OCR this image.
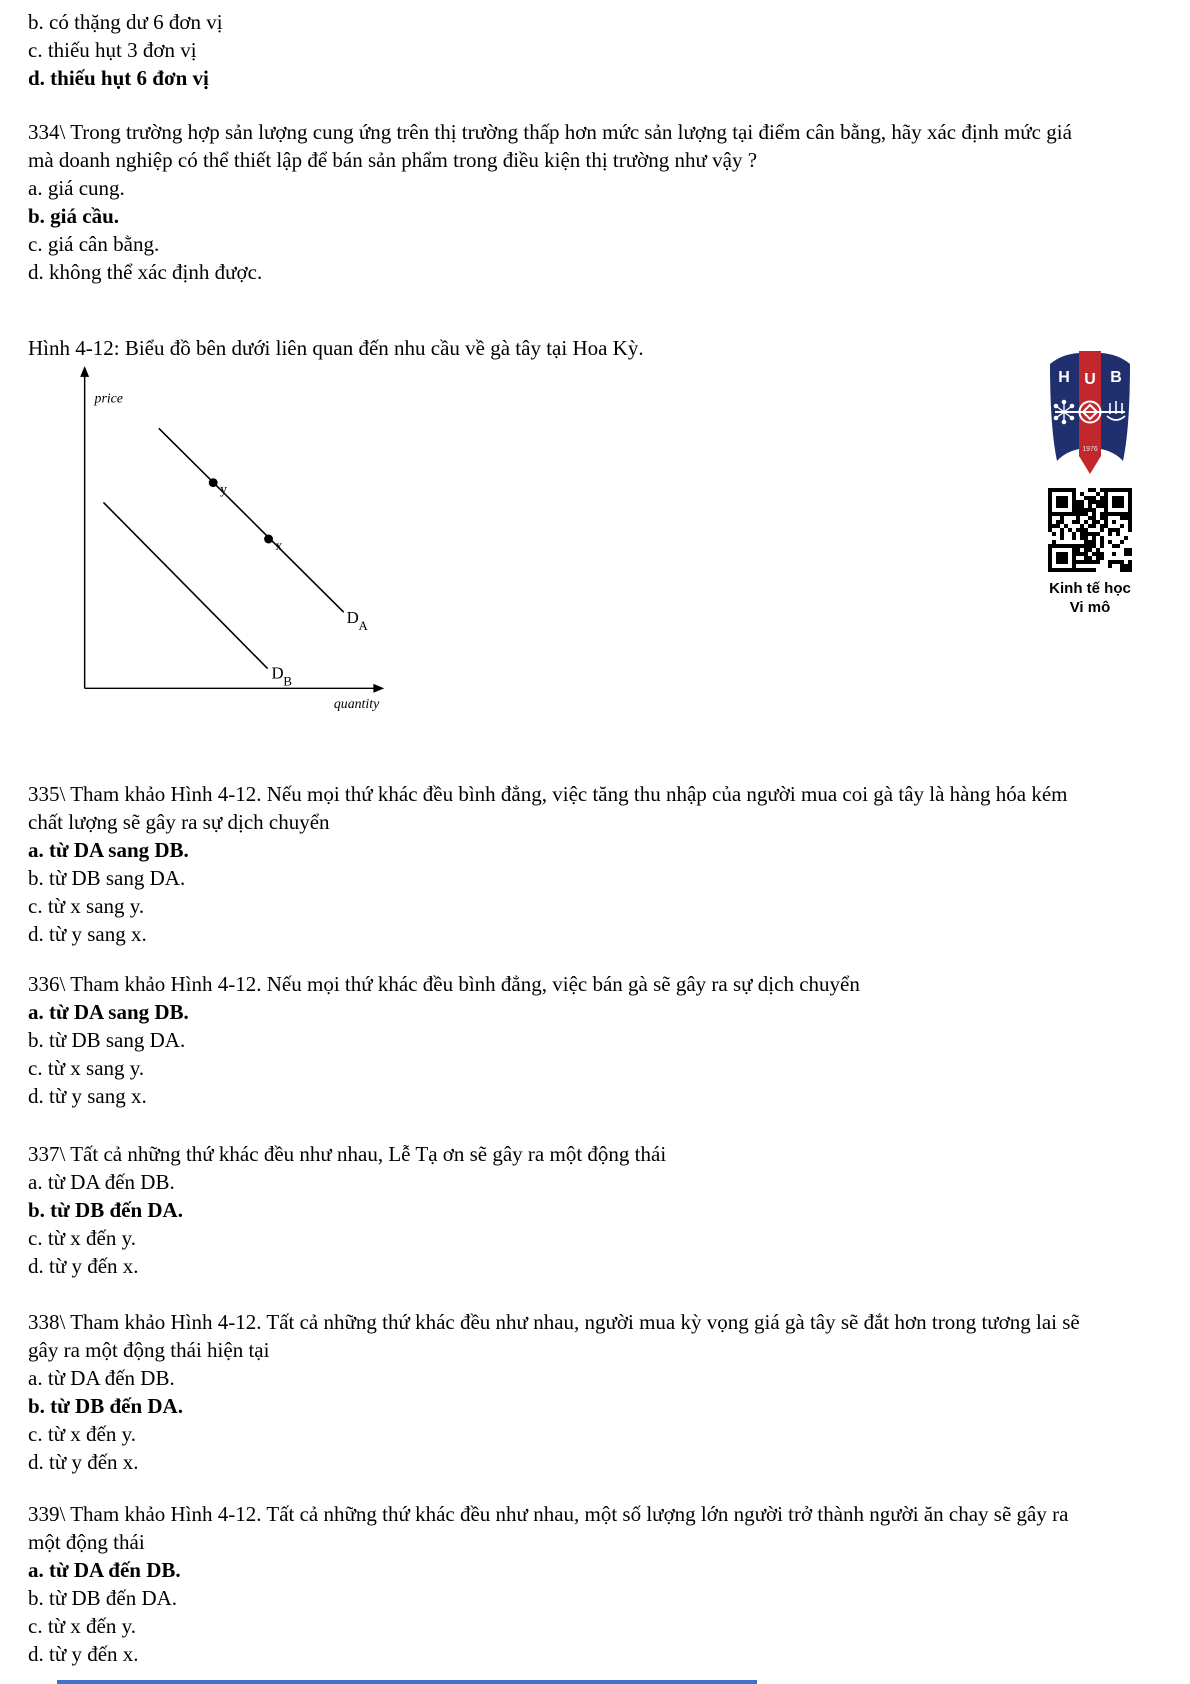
b. có thặng dư 6 đơn vị
c. thiếu hụt 3 đơn vị
d. thiếu hụt 6 đơn vị
334\ Trong trường hợp sản lượng cung ứng trên thị trường thấp hơn mức sản lượng tại điểm cân bằng, hãy xác định mức giá mà doanh nghiệp có thể thiết lập để bán sản phẩm trong điều kiện thị trường như vậy ?
a. giá cung.
b. giá cầu.
c. giá cân bằng.
d. không thể xác định được.
Hình 4-12: Biểu đồ bên dưới liên quan đến nhu cầu về gà tây tại Hoa Kỳ.
price
quantity
D A
D B
y
x
335\ Tham khảo Hình 4-12. Nếu mọi thứ khác đều bình đẳng, việc tăng thu nhập của người mua coi gà tây là hàng hóa kém chất lượng sẽ gây ra sự dịch chuyển
a. từ DA sang DB.
b. từ DB sang DA.
c. từ x sang y.
d. từ y sang x.
336\ Tham khảo Hình 4-12. Nếu mọi thứ khác đều bình đẳng, việc bán gà sẽ gây ra sự dịch chuyển
a. từ DA sang DB.
b. từ DB sang DA.
c. từ x sang y.
d. từ y sang x.
337\ Tất cả những thứ khác đều như nhau, Lễ Tạ ơn sẽ gây ra một động thái
a. từ DA đến DB.
b. từ DB đến DA.
c. từ x đến y.
d. từ y đến x.
338\ Tham khảo Hình 4-12. Tất cả những thứ khác đều như nhau, người mua kỳ vọng giá gà tây sẽ đắt hơn trong tương lai sẽ gây ra một động thái hiện tại
a. từ DA đến DB.
b. từ DB đến DA.
c. từ x đến y.
d. từ y đến x.
339\ Tham khảo Hình 4-12. Tất cả những thứ khác đều như nhau, một số lượng lớn người trở thành người ăn chay sẽ gây ra một động thái
a. từ DA đến DB.
b. từ DB đến DA.
c. từ x đến y.
d. từ y đến x.
H U B
1976
Kinh tế học
Vi mô
